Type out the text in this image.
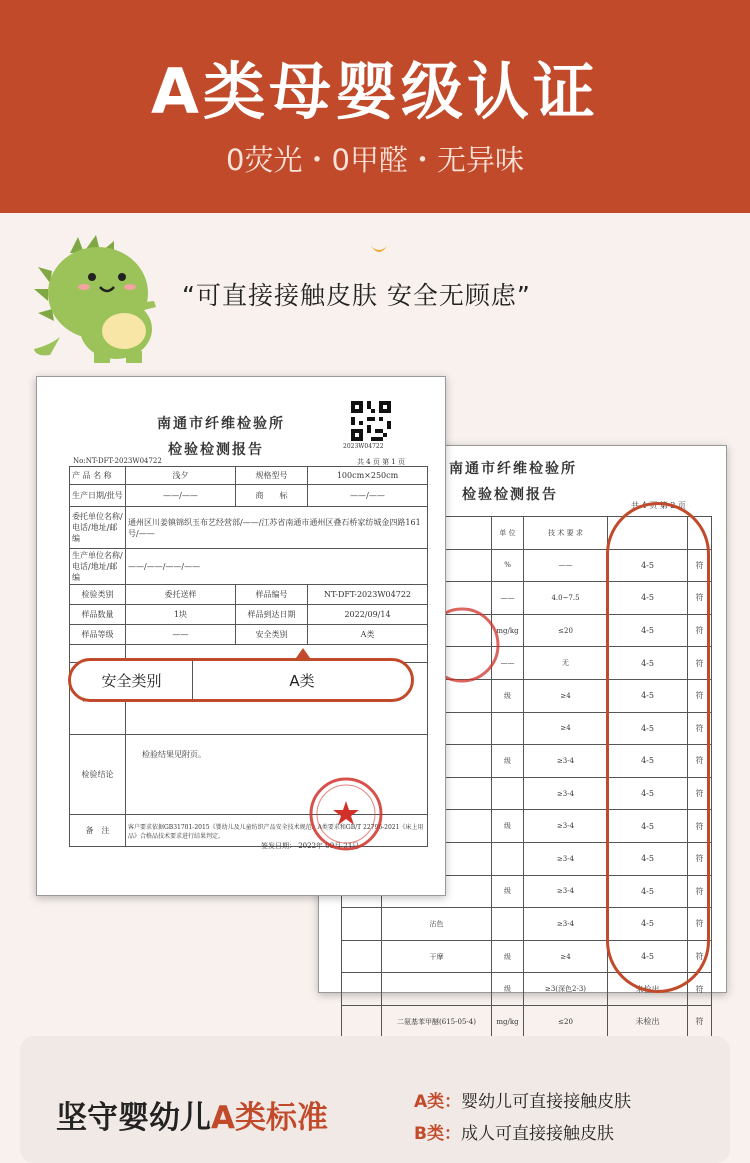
A类母婴级认证
0荧光・0甲醛・无异味
“可直接接触皮肤 安全无顾虑”
南通市纤维检验所
检验检测报告
共 4 页 第 2 页
	单 位	技 术 要 求		
		%	——	4-5	符
		——	4.0~7.5	4-5	符
		mg/kg	≤20	4-5	符
		——	无	4-5	符
		级	≥4	4-5	符
			≥4	4-5	符
		级	≥3-4	4-5	符
			≥3-4	4-5	符
		级	≥3-4	4-5	符
			≥3-4	4-5	符
		级	≥3-4	4-5	符
	沾色		≥3-4	4-5	符
	干摩	级	≥4	4-5	符
		级	≥3(深色2-3)	未检出	符
	二氨基苯甲醚(615-05-4)	mg/kg	≤20	未检出	符

2023W04722
南通市纤维检验所
检验检测报告
No:NT-DFT-2023W04722	共 4 页 第 1 页
产 品 名 称	浅夕	规格型号	100cm×250cm
生产日期/批号	——/——	商　　标	——/——
委托单位名称/电话/地址/邮编	通州区川姜镇锦织玉布艺经营部/——/江苏省南通市通州区叠石桥家纺城金四路161号/——		
生产单位名称/电话/地址/邮编	——/——/——/——		
检验类别	委托送样	样品编号	NT-DFT-2023W04722
样品数量	1块	样品到达日期	2022/09/14
样品等级	——	安全类别	A类

检验结论	检验结果见附页。		
备　注	客户要求依据GB31701-2015《婴幼儿及儿童纺织产品安全技术规范》A类要求和GB/T 22796-2021《床上用品》合格品技术要求进行结果判定。		
签发日期： 2022年 09月 21日
安全类别	A类
坚守婴幼儿A类标准	A类：婴幼儿可直接接触皮肤
B类：成人可直接接触皮肤
